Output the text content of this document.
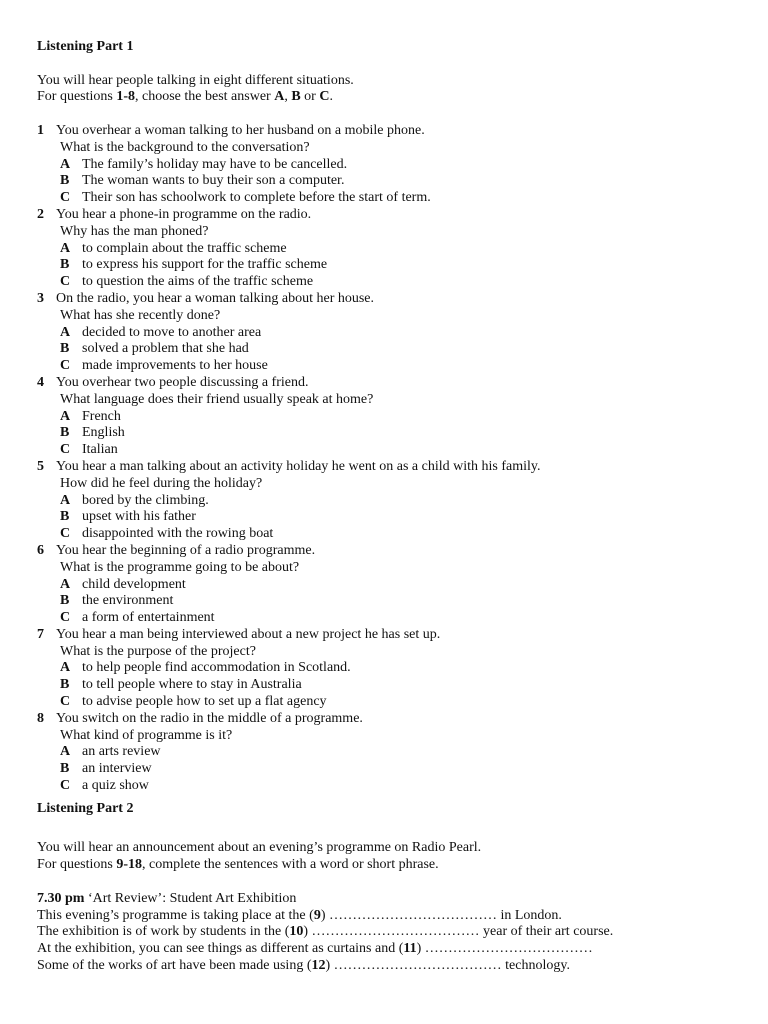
Listening Part 1
You will hear people talking in eight different situations.
For questions 1-8, choose the best answer A, B or C.
1 You overhear a woman talking to her husband on a mobile phone.
What is the background to the conversation?
A The family’s holiday may have to be cancelled.
B The woman wants to buy their son a computer.
C Their son has schoolwork to complete before the start of term.
2 You hear a phone-in programme on the radio.
Why has the man phoned?
A to complain about the traffic scheme
B to express his support for the traffic scheme
C to question the aims of the traffic scheme
3 On the radio, you hear a woman talking about her house.
What has she recently done?
A decided to move to another area
B solved a problem that she had
C made improvements to her house
4 You overhear two people discussing a friend.
What language does their friend usually speak at home?
A French
B English
C Italian
5 You hear a man talking about an activity holiday he went on as a child with his family.
How did he feel during the holiday?
A bored by the climbing.
B upset with his father
C disappointed with the rowing boat
6 You hear the beginning of a radio programme.
What is the programme going to be about?
A child development
B the environment
C a form of entertainment
7 You hear a man being interviewed about a new project he has set up.
What is the purpose of the project?
A to help people find accommodation in Scotland.
B to tell people where to stay in Australia
C to advise people how to set up a flat agency
8 You switch on the radio in the middle of a programme.
What kind of programme is it?
A an arts review
B an interview
C a quiz show
Listening Part 2
You will hear an announcement about an evening’s programme on Radio Pearl.
For questions 9-18, complete the sentences with a word or short phrase.
7.30 pm ‘Art Review’: Student Art Exhibition
This evening’s programme is taking place at the (9) ……………………………… in London.
The exhibition is of work by students in the (10) ……………………………… year of their art course.
At the exhibition, you can see things as different as curtains and (11) ………………………………
Some of the works of art have been made using (12) ……………………………… technology.
